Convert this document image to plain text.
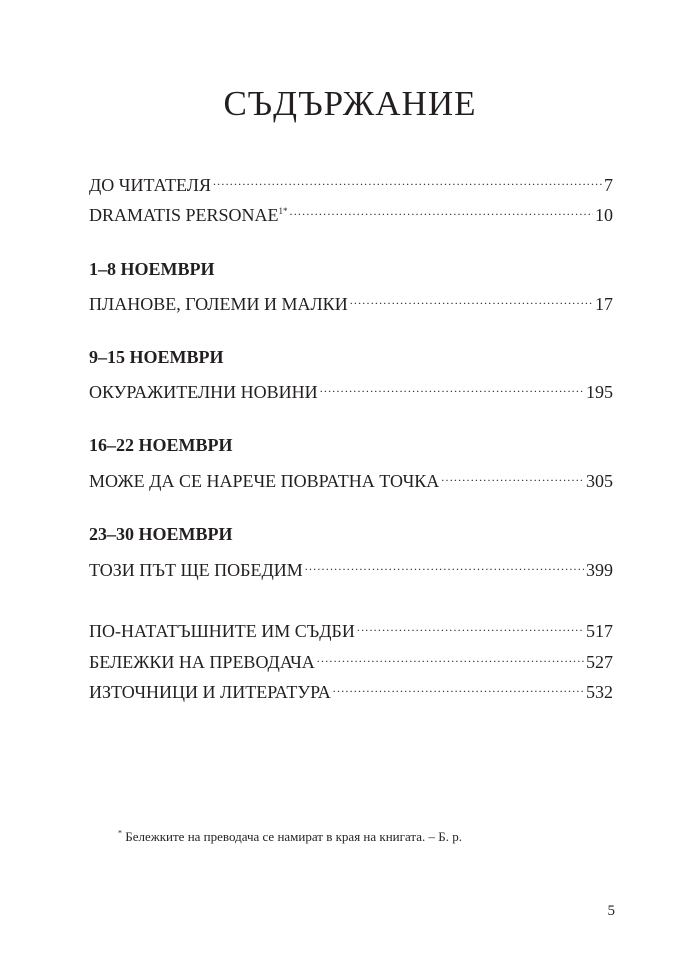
СЪДЪРЖАНИЕ
ДО ЧИТАТЕЛЯ .....	7
DRAMATIS $PERSONAE^{1*}$ .....	10
1–8 НОЕМВРИ
ПЛАНОВЕ, ГОЛЕМИ И МАЛКИ .....	17
9–15 НОЕМВРИ
ОКУРАЖИТЕЛНИ НОВИНИ .....	195
16–22 НОЕМВРИ
МОЖЕ ДА СЕ НАРЕЧЕ ПОВРАТНА ТОЧКА .....	305
23–30 НОЕМВРИ
ТОЗИ ПЪТ ЩЕ ПОБЕДИМ .....	399
ПО-НАТАТЪШНИТЕ ИМ СЪДБИ .....	517
БЕЛЕЖКИ НА ПРЕВОДАЧА .....	527
ИЗТОЧНИЦИ И ЛИТЕРАТУРА .....	532
* Бележките на преводача се намират в края на книгата. – Б. р.
5
